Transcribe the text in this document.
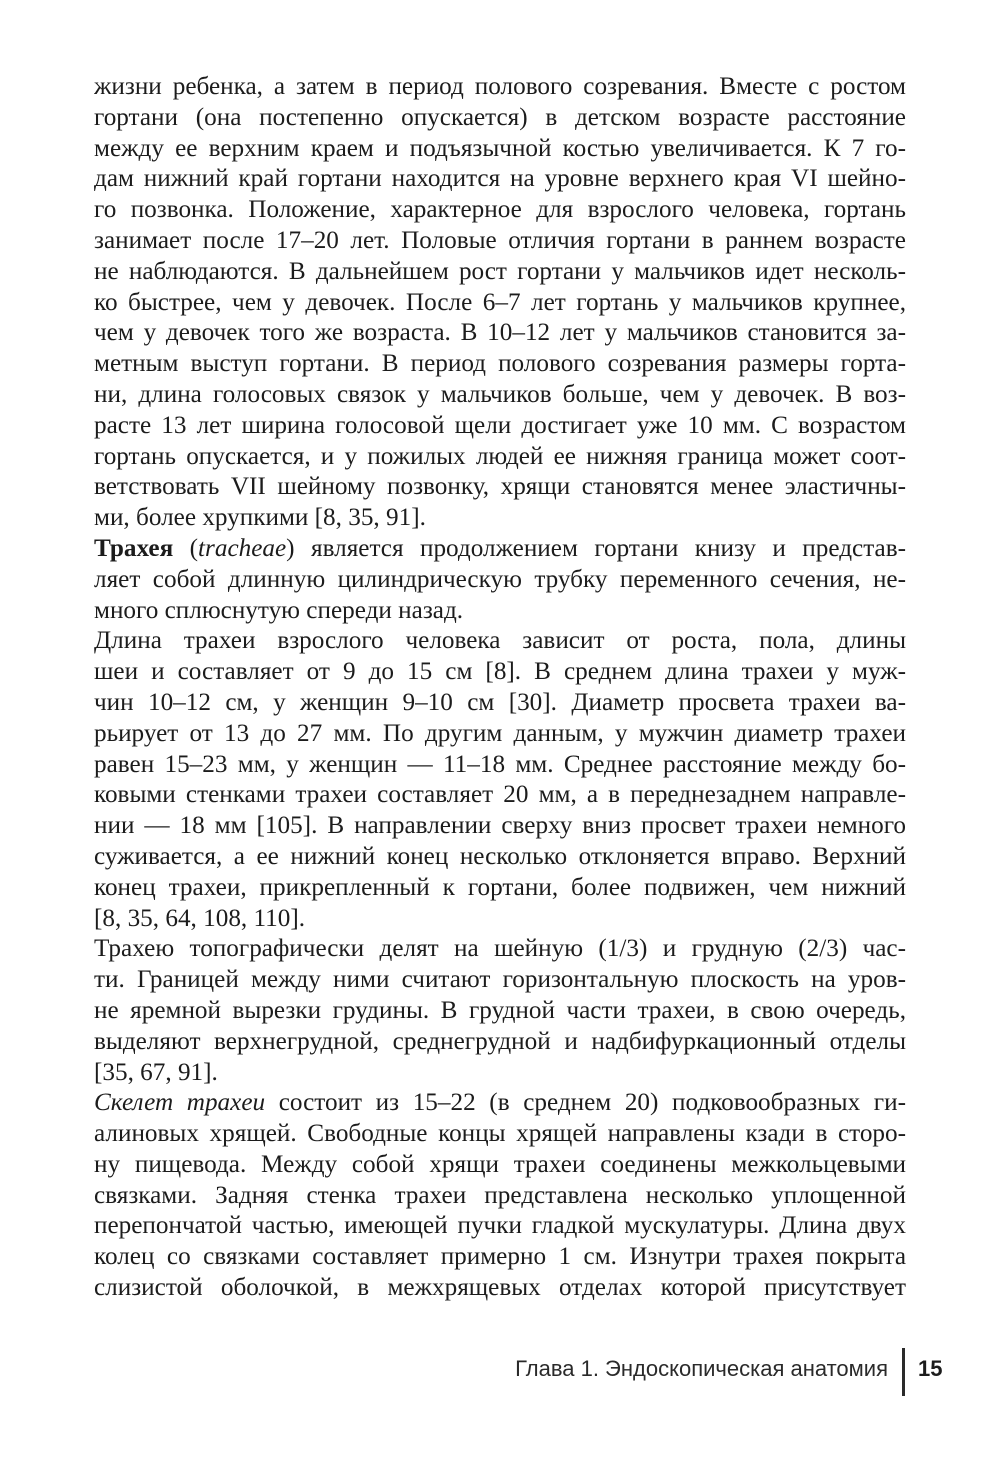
жизни ребенка, а затем в период полового созревания. Вместе с ростом
гортани (она постепенно опускается) в детском возрасте расстояние
между ее верхним краем и подъязычной костью увеличивается. К 7 го-
дам нижний край гортани находится на уровне верхнего края VI шейно-
го позвонка. Положение, характерное для взрослого человека, гортань
занимает после 17–20 лет. Половые отличия гортани в раннем возрасте
не наблюдаются. В дальнейшем рост гортани у мальчиков идет несколь-
ко быстрее, чем у девочек. После 6–7 лет гортань у мальчиков крупнее,
чем у девочек того же возраста. В 10–12 лет у мальчиков становится за-
метным выступ гортани. В период полового созревания размеры горта-
ни, длина голосовых связок у мальчиков больше, чем у девочек. В воз-
расте 13 лет ширина голосовой щели достигает уже 10 мм. С возрастом
гортань опускается, и у пожилых людей ее нижняя граница может соот-
ветствовать VII шейному позвонку, хрящи становятся менее эластичны-
ми, более хрупкими [8, 35, 91].
Трахея (tracheae) является продолжением гортани книзу и представ-
ляет собой длинную цилиндрическую трубку переменного сечения, не-
много сплюснутую спереди назад.
Длина трахеи взрослого человека зависит от роста, пола, длины
шеи и составляет от 9 до 15 см [8]. В среднем длина трахеи у муж-
чин 10–12 см, у женщин 9–10 см [30]. Диаметр просвета трахеи ва-
рьирует от 13 до 27 мм. По другим данным, у мужчин диаметр трахеи
равен 15–23 мм, у женщин — 11–18 мм. Среднее расстояние между бо-
ковыми стенками трахеи составляет 20 мм, а в переднезаднем направле-
нии — 18 мм [105]. В направлении сверху вниз просвет трахеи немного
суживается, а ее нижний конец несколько отклоняется вправо. Верхний
конец трахеи, прикрепленный к гортани, более подвижен, чем нижний
[8, 35, 64, 108, 110].
Трахею топографически делят на шейную (1/3) и грудную (2/3) час-
ти. Границей между ними считают горизонтальную плоскость на уров-
не яремной вырезки грудины. В грудной части трахеи, в свою очередь,
выделяют верхнегрудной, среднегрудной и надбифуркационный отделы
[35, 67, 91].
Скелет трахеи состоит из 15–22 (в среднем 20) подковообразных ги-
алиновых хрящей. Свободные концы хрящей направлены кзади в сторо-
ну пищевода. Между собой хрящи трахеи соединены межкольцевыми
связками. Задняя стенка трахеи представлена несколько уплощенной
перепончатой частью, имеющей пучки гладкой мускулатуры. Длина двух
колец со связками составляет примерно 1 см. Изнутри трахея покрыта
слизистой оболочкой, в межхрящевых отделах которой присутствует
Глава 1. Эндоскопическая анатомия 15
